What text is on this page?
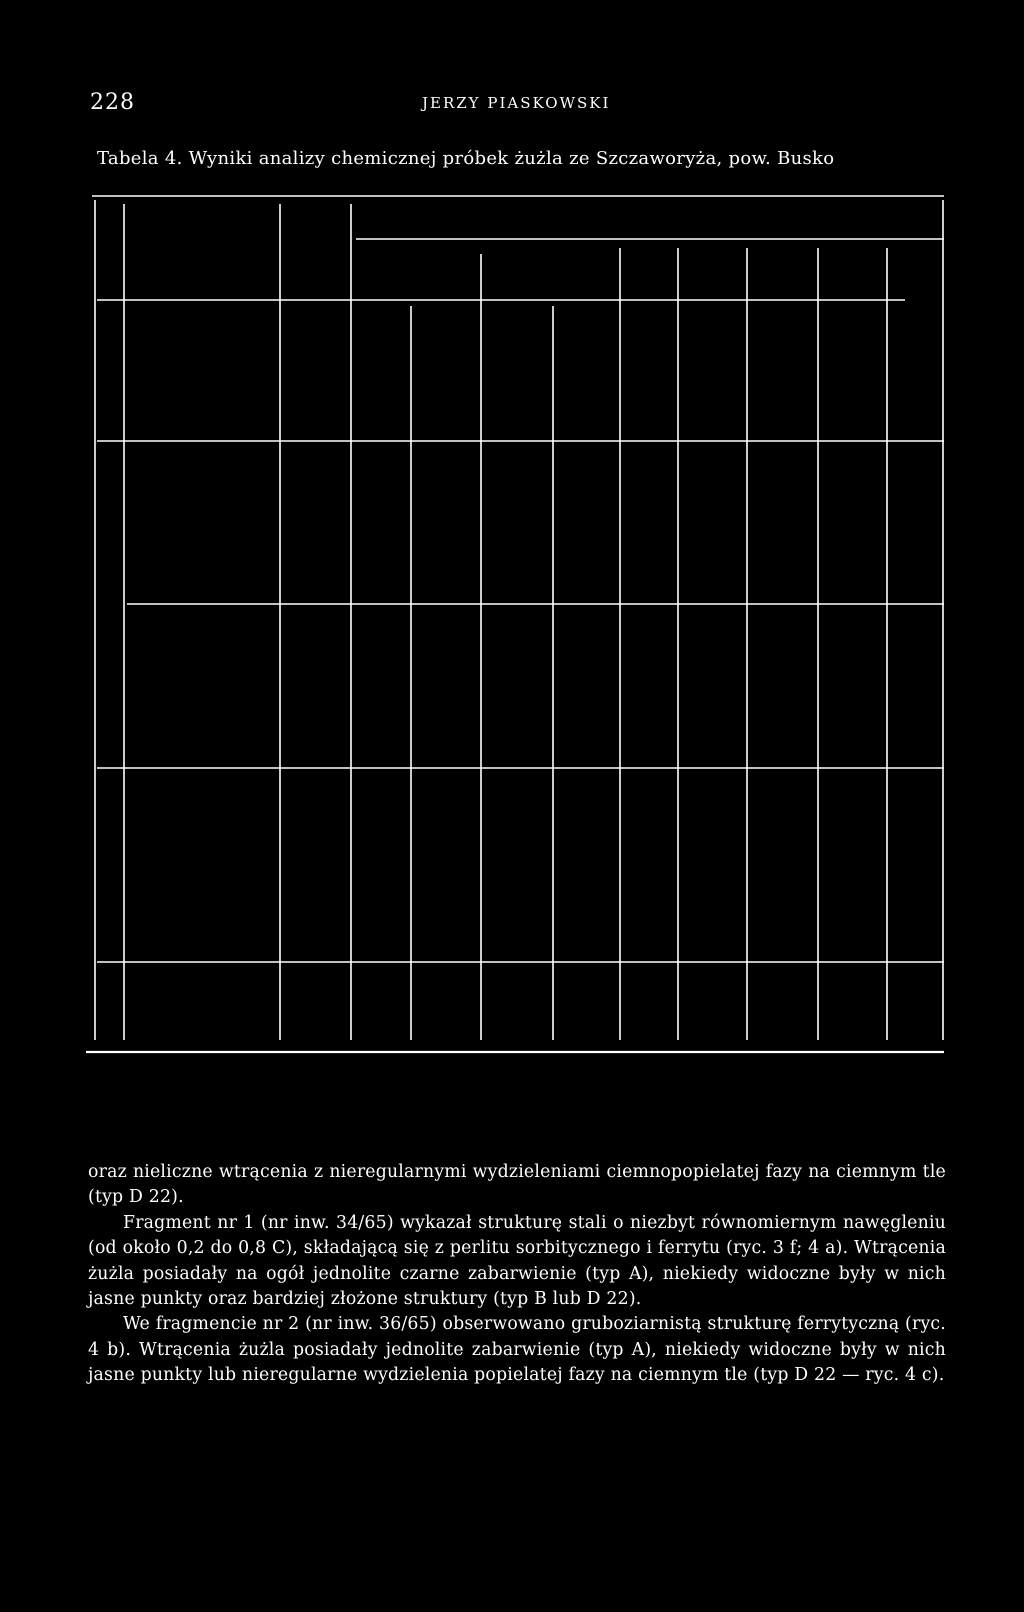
228	JERZY PIASKOWSKI
Tabela 4. Wyniki analizy chemicznej próbek żużla ze Szczaworyża, pow. Busko

oraz nieliczne wtrącenia z nieregularnymi wydzieleniami ciemnopopielatej fazy na ciemnym tle (typ D 22).

Fragment nr 1 (nr inw. 34/65) wykazał strukturę stali o niezbyt równomiernym nawęgleniu (od około 0,2 do 0,8 C), składającą się z perlitu sorbitycznego i ferrytu (ryc. 3 f; 4 a). Wtrącenia żużla posiadały na ogół jednolite czarne zabarwienie (typ A), niekiedy widoczne były w nich jasne punkty oraz bardziej złożone struktury (typ B lub D 22).

We fragmencie nr 2 (nr inw. 36/65) obserwowano gruboziarnistą strukturę ferrytyczną (ryc. 4 b). Wtrącenia żużla posiadały jednolite zabarwienie (typ A), niekiedy widoczne były w nich jasne punkty lub nieregularne wydzielenia popielatej fazy na ciemnym tle (typ D 22 — ryc. 4 c).
